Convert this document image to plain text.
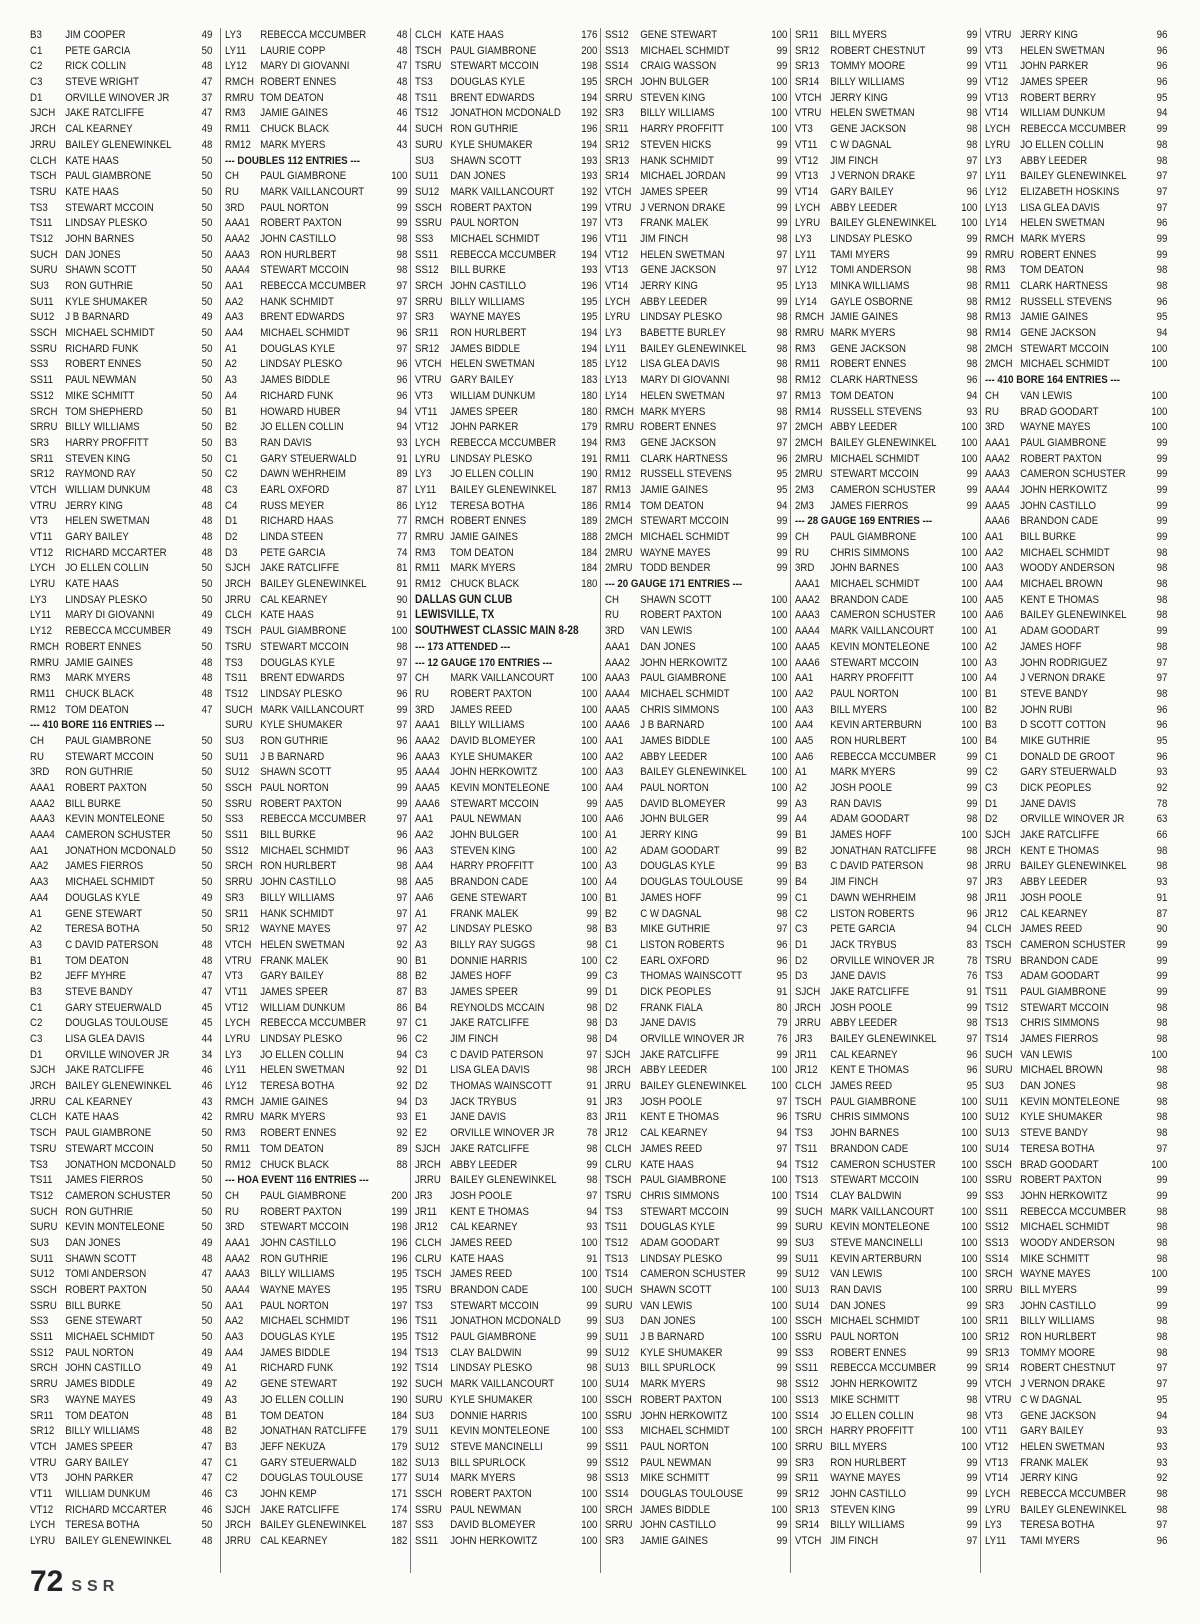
B3	JIM COOPER	49
C1	PETE GARCIA	50
C2	RICK COLLIN	48
C3	STEVE WRIGHT	47
D1	ORVILLE WINOVER JR	37
SJCH JAKE RATCLIFFE	47
JRCH CAL KEARNEY	49
JRRU BAILEY GLENEWINKEL	48
CLCH KATE HAAS	50
TSCH PAUL GIAMBRONE	50
TSRU KATE HAAS	50
TS3	STEWART MCCOIN	50
TS11	LINDSAY PLESKO	50
TS12	JOHN BARNES	50
SUCH DAN JONES	50
SURU SHAWN SCOTT	50
SU3	RON GUTHRIE	50
SU11	KYLE SHUMAKER	50
SU12 J B BARNARD	49
SSCH MICHAEL SCHMIDT	50
SSRU RICHARD FUNK	50
SS3	ROBERT ENNES	50
SS11	PAUL NEWMAN	50
SS12	MIKE SCHMITT	50
SRCH TOM SHEPHERD	50
SRRU BILLY WILLIAMS	50
SR3	HARRY PROFFITT	50
SR11	STEVEN KING	50
SR12 RAYMOND RAY	50
VTCH WILLIAM DUNKUM	48
VTRU JERRY KING	48
VT3	HELEN SWETMAN	48
VT11	GARY BAILEY	48
VT12	RICHARD MCCARTER	48
LYCH JO ELLEN COLLIN	50
LYRU KATE HAAS	50
LY3	LINDSAY PLESKO	50
LY11	MARY DI GIOVANNI	49
LY12	REBECCA MCCUMBER	49
RMCH ROBERT ENNES	50
RMRU JAMIE GAINES	48
RM3	MARK MYERS	48
RM11 CHUCK BLACK	48
RM12 TOM DEATON	47
--- 410 BORE 116 ENTRIES ---
CH	PAUL GIAMBRONE	50
RU	STEWART MCCOIN	50
3RD	RON GUTHRIE	50
AAA1 ROBERT PAXTON	50
AAA2 BILL BURKE	50
AAA3 KEVIN MONTELEONE	50
AAA4 CAMERON SCHUSTER	50
AA1	JONATHON MCDONALD	50
AA2	JAMES FIERROS	50
AA3	MICHAEL SCHMIDT	50
AA4	DOUGLAS KYLE	49
A1	GENE STEWART	50
A2	TERESA BOTHA	50
A3	C DAVID PATERSON	48
B1	TOM DEATON	48
B2	JEFF MYHRE	47
B3	STEVE BANDY	47
C1	GARY STEUERWALD	45
C2	DOUGLAS TOULOUSE	45
C3	LISA GLEA DAVIS	44
D1	ORVILLE WINOVER JR	34
SJCH JAKE RATCLIFFE	46
JRCH BAILEY GLENEWINKEL	46
JRRU CAL KEARNEY	43
CLCH KATE HAAS	42
TSCH PAUL GIAMBRONE	50
TSRU STEWART MCCOIN	50
TS3	JONATHON MCDONALD	50
TS11	JAMES FIERROS	50
TS12	CAMERON SCHUSTER	50
SUCH RON GUTHRIE	50
SURU KEVIN MONTELEONE	50
SU3	DAN JONES	49
SU11	SHAWN SCOTT	48
SU12 TOMI ANDERSON	47
SSCH ROBERT PAXTON	50
SSRU BILL BURKE	50
SS3	GENE STEWART	50
SS11	MICHAEL SCHMIDT	50
SS12	PAUL NORTON	49
SRCH JOHN CASTILLO	49
SRRU JAMES BIDDLE	49
SR3	WAYNE MAYES	49
SR11	TOM DEATON	48
SR12 BILLY WILLIAMS	48
VTCH JAMES SPEER	47
VTRU GARY BAILEY	47
VT3	JOHN PARKER	47
VT11	WILLIAM DUNKUM	46
VT12	RICHARD MCCARTER	46
LYCH TERESA BOTHA	50
LYRU BAILEY GLENEWINKEL	48
LY3	REBECCA MCCUMBER	48
LY11	LAURIE COPP	48
LY12	MARY DI GIOVANNI	47
RMCH ROBERT ENNES	48
RMRU TOM DEATON	48
RM3	JAMIE GAINES	46
RM11 CHUCK BLACK	44
RM12 MARK MYERS	43
--- DOUBLES 112 ENTRIES ---
CH	PAUL GIAMBRONE	100
RU	MARK VAILLANCOURT	99
3RD	PAUL NORTON	99
AAA1 ROBERT PAXTON	99
AAA2 JOHN CASTILLO	98
AAA3 RON HURLBERT	98
AAA4 STEWART MCCOIN	98
AA1	REBECCA MCCUMBER	97
AA2	HANK SCHMIDT	97
AA3	BRENT EDWARDS	97
AA4	MICHAEL SCHMIDT	96
A1	DOUGLAS KYLE	97
A2	LINDSAY PLESKO	96
A3	JAMES BIDDLE	96
A4	RICHARD FUNK	96
B1	HOWARD HUBER	94
B2	JO ELLEN COLLIN	94
B3	RAN DAVIS	93
C1	GARY STEUERWALD	91
C2	DAWN WEHRHEIM	89
C3	EARL OXFORD	87
C4	RUSS MEYER	86
D1	RICHARD HAAS	77
D2	LINDA STEEN	77
D3	PETE GARCIA	74
SJCH JAKE RATCLIFFE	81
JRCH BAILEY GLENEWINKEL	91
JRRU CAL KEARNEY	90
CLCH KATE HAAS	91
TSCH PAUL GIAMBRONE	100
TSRU STEWART MCCOIN	98
TS3	DOUGLAS KYLE	97
TS11	BRENT EDWARDS	97
TS12	LINDSAY PLESKO	96
SUCH MARK VAILLANCOURT	99
SURU KYLE SHUMAKER	97
SU3	RON GUTHRIE	96
SU11	J B BARNARD	96
SU12 SHAWN SCOTT	95
SSCH PAUL NORTON	99
SSRU ROBERT PAXTON	99
SS3	REBECCA MCCUMBER	97
SS11	BILL BURKE	96
SS12	MICHAEL SCHMIDT	96
SRCH RON HURLBERT	98
SRRU JOHN CASTILLO	98
SR3	BILLY WILLIAMS	97
SR11	HANK SCHMIDT	97
SR12 WAYNE MAYES	97
VTCH HELEN SWETMAN	92
VTRU FRANK MALEK	90
VT3	GARY BAILEY	88
VT11	JAMES SPEER	87
VT12	WILLIAM DUNKUM	86
LYCH REBECCA MCCUMBER	97
LYRU LINDSAY PLESKO	96
LY3	JO ELLEN COLLIN	94
LY11	HELEN SWETMAN	92
LY12	TERESA BOTHA	92
RMCH JAMIE GAINES	94
RMRU MARK MYERS	93
RM3	ROBERT ENNES	92
RM11 TOM DEATON	89
RM12 CHUCK BLACK	88
--- HOA EVENT 116 ENTRIES ---
CH	PAUL GIAMBRONE	200
RU	ROBERT PAXTON	199
3RD	STEWART MCCOIN	198
AAA1 JOHN CASTILLO	196
AAA2 RON GUTHRIE	196
AAA3 BILLY WILLIAMS	195
AAA4 WAYNE MAYES	195
AA1	PAUL NORTON	197
AA2	MICHAEL SCHMIDT	196
AA3	DOUGLAS KYLE	195
AA4	JAMES BIDDLE	194
A1	RICHARD FUNK	192
A2	GENE STEWART	192
A3	JO ELLEN COLLIN	190
B1	TOM DEATON	184
B2	JONATHAN RATCLIFFE	179
B3	JEFF NEKUZA	179
C1	GARY STEUERWALD	182
C2	DOUGLAS TOULOUSE	177
C3	JOHN KEMP	171
SJCH JAKE RATCLIFFE	174
JRCH BAILEY GLENEWINKEL	187
JRRU CAL KEARNEY	182
CLCH KATE HAAS	176
TSCH PAUL GIAMBRONE	200
TSRU STEWART MCCOIN	198
TS3	DOUGLAS KYLE	195
TS11	BRENT EDWARDS	194
TS12	JONATHON MCDONALD	192
SUCH RON GUTHRIE	196
SURU KYLE SHUMAKER	194
SU3	SHAWN SCOTT	193
SU11	DAN JONES	193
SU12 MARK VAILLANCOURT	192
SSCH ROBERT PAXTON	199
SSRU PAUL NORTON	197
SS3	MICHAEL SCHMIDT	196
SS11	REBECCA MCCUMBER	194
SS12	BILL BURKE	193
SRCH JOHN CASTILLO	196
SRRU BILLY WILLIAMS	195
SR3	WAYNE MAYES	195
SR11	RON HURLBERT	194
SR12 JAMES BIDDLE	194
VTCH HELEN SWETMAN	185
VTRU GARY BAILEY	183
VT3	WILLIAM DUNKUM	180
VT11	JAMES SPEER	180
VT12	JOHN PARKER	179
LYCH REBECCA MCCUMBER	194
LYRU LINDSAY PLESKO	191
LY3	JO ELLEN COLLIN	190
LY11	BAILEY GLENEWINKEL	187
LY12	TERESA BOTHA	186
RMCH ROBERT ENNES	189
RMRU JAMIE GAINES	188
RM3	TOM DEATON	184
RM11 MARK MYERS	184
RM12 CHUCK BLACK	180
DALLAS GUN CLUB
LEWISVILLE, TX
SOUTHWEST CLASSIC MAIN 8-28
--- 173 ATTENDED ---
--- 12 GAUGE 170 ENTRIES ---
CH	MARK VAILLANCOURT	100
RU	ROBERT PAXTON	100
3RD	JAMES REED	100
AAA1 BILLY WILLIAMS	100
AAA2 DAVID BLOMEYER	100
AAA3 KYLE SHUMAKER	100
AAA4 JOHN HERKOWITZ	100
AAA5 KEVIN MONTELEONE	100
AAA6 STEWART MCCOIN	99
AA1	PAUL NEWMAN	100
AA2	JOHN BULGER	100
AA3	STEVEN KING	100
AA4	HARRY PROFFITT	100
AA5	BRANDON CADE	100
AA6	GENE STEWART	100
A1	FRANK MALEK	99
A2	LINDSAY PLESKO	98
A3	BILLY RAY SUGGS	98
B1	DONNIE HARRIS	100
B2	JAMES HOFF	99
B3	JAMES SPEER	99
B4	REYNOLDS MCCAIN	98
C1	JAKE RATCLIFFE	98
C2	JIM FINCH	98
C3	C DAVID PATERSON	97
D1	LISA GLEA DAVIS	98
D2	THOMAS WAINSCOTT	91
D3	JACK TRYBUS	91
E1	JANE DAVIS	83
E2	ORVILLE WINOVER JR	78
SJCH JAKE RATCLIFFE	98
JRCH ABBY LEEDER	99
JRRU BAILEY GLENEWINKEL	98
JR3	JOSH POOLE	97
JR11	KENT E THOMAS	94
JR12	CAL KEARNEY	93
CLCH JAMES REED	100
CLRU KATE HAAS	91
TSCH JAMES REED	100
TSRU BRANDON CADE	100
TS3	STEWART MCCOIN	99
TS11	JONATHON MCDONALD	99
TS12	PAUL GIAMBRONE	99
TS13	CLAY BALDWIN	99
TS14	LINDSAY PLESKO	98
SUCH MARK VAILLANCOURT	100
SURU KYLE SHUMAKER	100
SU3	DONNIE HARRIS	100
SU11	KEVIN MONTELEONE	100
SU12 STEVE MANCINELLI	99
SU13 BILL SPURLOCK	99
SU14 MARK MYERS	98
SSCH ROBERT PAXTON	100
SSRU PAUL NEWMAN	100
SS3	DAVID BLOMEYER	100
SS11	JOHN HERKOWITZ	100
SS12	GENE STEWART	100
SS13	MICHAEL SCHMIDT	99
SS14	CRAIG WASSON	99
SRCH JOHN BULGER	100
SRRU STEVEN KING	100
SR3	BILLY WILLIAMS	100
SR11	HARRY PROFFITT	100
SR12 STEVEN HICKS	99
SR13 HANK SCHMIDT	99
SR14 MICHAEL JORDAN	99
VTCH JAMES SPEER	99
VTRU J VERNON DRAKE	99
VT3	FRANK MALEK	99
VT11	JIM FINCH	98
VT12	HELEN SWETMAN	97
VT13	GENE JACKSON	97
VT14	JERRY KING	95
LYCH ABBY LEEDER	99
LYRU LINDSAY PLESKO	98
LY3	BABETTE BURLEY	98
LY11	BAILEY GLENEWINKEL	98
LY12	LISA GLEA DAVIS	98
LY13	MARY DI GIOVANNI	98
LY14	HELEN SWETMAN	97
RMCH MARK MYERS	98
RMRU ROBERT ENNES	97
RM3	GENE JACKSON	97
RM11 CLARK HARTNESS	96
RM12 RUSSELL STEVENS	95
RM13 JAMIE GAINES	95
RM14 TOM DEATON	94
2MCH STEWART MCCOIN	99
2MCH MICHAEL SCHMIDT	99
2MRU WAYNE MAYES	99
2MRU TODD BENDER	99
--- 20 GAUGE 171 ENTRIES ---
CH	SHAWN SCOTT	100
RU	ROBERT PAXTON	100
3RD	VAN LEWIS	100
AAA1 DAN JONES	100
AAA2 JOHN HERKOWITZ	100
AAA3 PAUL GIAMBRONE	100
AAA4 MICHAEL SCHMIDT	100
AAA5 CHRIS SIMMONS	100
AAA6 J B BARNARD	100
AA1	JAMES BIDDLE	100
AA2	ABBY LEEDER	100
AA3	BAILEY GLENEWINKEL	100
AA4	PAUL NORTON	100
AA5	DAVID BLOMEYER	99
AA6	JOHN BULGER	99
A1	JERRY KING	99
A2	ADAM GOODART	99
A3	DOUGLAS KYLE	99
A4	DOUGLAS TOULOUSE	99
B1	JAMES HOFF	99
B2	C W DAGNAL	98
B3	MIKE GUTHRIE	97
C1	LISTON ROBERTS	96
C2	EARL OXFORD	96
C3	THOMAS WAINSCOTT	95
D1	DICK PEOPLES	91
D2	FRANK FIALA	80
D3	JANE DAVIS	79
D4	ORVILLE WINOVER JR	76
SJCH JAKE RATCLIFFE	99
JRCH ABBY LEEDER	100
JRRU BAILEY GLENEWINKEL	100
JR3	JOSH POOLE	97
JR11	KENT E THOMAS	96
JR12	CAL KEARNEY	94
CLCH JAMES REED	97
CLRU KATE HAAS	94
TSCH PAUL GIAMBRONE	100
TSRU CHRIS SIMMONS	100
TS3	STEWART MCCOIN	99
TS11	DOUGLAS KYLE	99
TS12	ADAM GOODART	99
TS13	LINDSAY PLESKO	99
TS14	CAMERON SCHUSTER	99
SUCH SHAWN SCOTT	100
SURU VAN LEWIS	100
SU3	DAN JONES	100
SU11	J B BARNARD	100
SU12 KYLE SHUMAKER	99
SU13 BILL SPURLOCK	99
SU14 MARK MYERS	98
SSCH ROBERT PAXTON	100
SSRU JOHN HERKOWITZ	100
SS3	MICHAEL SCHMIDT	100
SS11	PAUL NORTON	100
SS12	PAUL NEWMAN	99
SS13	MIKE SCHMITT	99
SS14	DOUGLAS TOULOUSE	99
SRCH JAMES BIDDLE	100
SRRU JOHN CASTILLO	99
SR3	JAMIE GAINES	99
SR11	BILL MYERS	99
SR12 ROBERT CHESTNUT	99
SR13 TOMMY MOORE	99
SR14 BILLY WILLIAMS	99
VTCH JERRY KING	99
VTRU HELEN SWETMAN	98
VT3	GENE JACKSON	98
VT11	C W DAGNAL	98
VT12	JIM FINCH	97
VT13	J VERNON DRAKE	97
VT14	GARY BAILEY	96
LYCH ABBY LEEDER	100
LYRU BAILEY GLENEWINKEL	100
LY3	LINDSAY PLESKO	99
LY11	TAMI MYERS	99
LY12	TOMI ANDERSON	98
LY13	MINKA WILLIAMS	98
LY14	GAYLE OSBORNE	98
RMCH JAMIE GAINES	98
RMRU MARK MYERS	98
RM3	GENE JACKSON	98
RM11 ROBERT ENNES	98
RM12 CLARK HARTNESS	96
RM13 TOM DEATON	94
RM14 RUSSELL STEVENS	93
2MCH ABBY LEEDER	100
2MCH BAILEY GLENEWINKEL	100
2MRU MICHAEL SCHMIDT	100
2MRU STEWART MCCOIN	99
2M3	CAMERON SCHUSTER	99
2M3	JAMES FIERROS	99
--- 28 GAUGE 169 ENTRIES ---
CH	PAUL GIAMBRONE	100
RU	CHRIS SIMMONS	100
3RD	JOHN BARNES	100
AAA1 MICHAEL SCHMIDT	100
AAA2 BRANDON CADE	100
AAA3 CAMERON SCHUSTER	100
AAA4 MARK VAILLANCOURT	100
AAA5 KEVIN MONTELEONE	100
AAA6 STEWART MCCOIN	100
AA1	HARRY PROFFITT	100
AA2	PAUL NORTON	100
AA3	BILL MYERS	100
AA4	KEVIN ARTERBURN	100
AA5	RON HURLBERT	100
AA6	REBECCA MCCUMBER	99
A1	MARK MYERS	99
A2	JOSH POOLE	99
A3	RAN DAVIS	99
A4	ADAM GOODART	98
B1	JAMES HOFF	100
B2	JONATHAN RATCLIFFE	98
B3	C DAVID PATERSON	98
B4	JIM FINCH	97
C1	DAWN WEHRHEIM	98
C2	LISTON ROBERTS	96
C3	PETE GARCIA	94
D1	JACK TRYBUS	83
D2	ORVILLE WINOVER JR	78
D3	JANE DAVIS	76
SJCH JAKE RATCLIFFE	91
JRCH JOSH POOLE	99
JRRU ABBY LEEDER	98
JR3	BAILEY GLENEWINKEL	97
JR11	CAL KEARNEY	96
JR12	KENT E THOMAS	96
CLCH JAMES REED	95
TSCH PAUL GIAMBRONE	100
TSRU CHRIS SIMMONS	100
TS3	JOHN BARNES	100
TS11	BRANDON CADE	100
TS12	CAMERON SCHUSTER	100
TS13	STEWART MCCOIN	100
TS14	CLAY BALDWIN	99
SUCH MARK VAILLANCOURT	100
SURU KEVIN MONTELEONE	100
SU3	STEVE MANCINELLI	100
SU11	KEVIN ARTERBURN	100
SU12 VAN LEWIS	100
SU13 RAN DAVIS	100
SU14 DAN JONES	99
SSCH MICHAEL SCHMIDT	100
SSRU PAUL NORTON	100
SS3	ROBERT ENNES	99
SS11	REBECCA MCCUMBER	99
SS12	JOHN HERKOWITZ	99
SS13	MIKE SCHMITT	98
SS14	JO ELLEN COLLIN	98
SRCH HARRY PROFFITT	100
SRRU BILL MYERS	100
SR3	RON HURLBERT	99
SR11	WAYNE MAYES	99
SR12 JOHN CASTILLO	99
SR13 STEVEN KING	99
SR14 BILLY WILLIAMS	99
VTCH JIM FINCH	97
VTRU JERRY KING	96
VT3	HELEN SWETMAN	96
VT11	JOHN PARKER	96
VT12	JAMES SPEER	96
VT13	ROBERT BERRY	95
VT14	WILLIAM DUNKUM	94
LYCH REBECCA MCCUMBER	99
LYRU JO ELLEN COLLIN	98
LY3	ABBY LEEDER	98
LY11	BAILEY GLENEWINKEL	97
LY12	ELIZABETH HOSKINS	97
LY13	LISA GLEA DAVIS	97
LY14	HELEN SWETMAN	96
RMCH MARK MYERS	99
RMRU ROBERT ENNES	99
RM3	TOM DEATON	98
RM11 CLARK HARTNESS	98
RM12 RUSSELL STEVENS	96
RM13 JAMIE GAINES	95
RM14 GENE JACKSON	94
2MCH STEWART MCCOIN	100
2MCH MICHAEL SCHMIDT	100
--- 410 BORE 164 ENTRIES ---
CH	VAN LEWIS	100
RU	BRAD GOODART	100
3RD	WAYNE MAYES	100
AAA1 PAUL GIAMBRONE	99
AAA2 ROBERT PAXTON	99
AAA3 CAMERON SCHUSTER	99
AAA4 JOHN HERKOWITZ	99
AAA5 JOHN CASTILLO	99
AAA6 BRANDON CADE	99
AA1	BILL BURKE	99
AA2	MICHAEL SCHMIDT	98
AA3	WOODY ANDERSON	98
AA4	MICHAEL BROWN	98
AA5	KENT E THOMAS	98
AA6	BAILEY GLENEWINKEL	98
A1	ADAM GOODART	99
A2	JAMES HOFF	98
A3	JOHN RODRIGUEZ	97
A4	J VERNON DRAKE	97
B1	STEVE BANDY	98
B2	JOHN RUBI	96
B3	D SCOTT COTTON	96
B4	MIKE GUTHRIE	95
C1	DONALD DE GROOT	96
C2	GARY STEUERWALD	93
C3	DICK PEOPLES	92
D1	JANE DAVIS	78
D2	ORVILLE WINOVER JR	63
SJCH JAKE RATCLIFFE	66
JRCH KENT E THOMAS	98
JRRU BAILEY GLENEWINKEL	98
JR3	ABBY LEEDER	93
JR11	JOSH POOLE	91
JR12	CAL KEARNEY	87
CLCH JAMES REED	90
TSCH CAMERON SCHUSTER	99
TSRU BRANDON CADE	99
TS3	ADAM GOODART	99
TS11	PAUL GIAMBRONE	99
TS12	STEWART MCCOIN	98
TS13	CHRIS SIMMONS	98
TS14	JAMES FIERROS	98
SUCH VAN LEWIS	100
SURU MICHAEL BROWN	98
SU3	DAN JONES	98
SU11	KEVIN MONTELEONE	98
SU12 KYLE SHUMAKER	98
SU13 STEVE BANDY	98
SU14 TERESA BOTHA	97
SSCH BRAD GOODART	100
SSRU ROBERT PAXTON	99
SS3	JOHN HERKOWITZ	99
SS11	REBECCA MCCUMBER	98
SS12	MICHAEL SCHMIDT	98
SS13	WOODY ANDERSON	98
SS14	MIKE SCHMITT	98
SRCH WAYNE MAYES	100
SRRU BILL MYERS	99
SR3	JOHN CASTILLO	99
SR11	BILLY WILLIAMS	98
SR12 RON HURLBERT	98
SR13 TOMMY MOORE	98
SR14 ROBERT CHESTNUT	97
VTCH J VERNON DRAKE	97
VTRU C W DAGNAL	95
VT3	GENE JACKSON	94
VT11	GARY BAILEY	93
VT12	HELEN SWETMAN	93
VT13	FRANK MALEK	93
VT14	JERRY KING	92
LYCH REBECCA MCCUMBER	98
LYRU BAILEY GLENEWINKEL	98
LY3	TERESA BOTHA	97
LY11	TAMI MYERS	96
72 SSR
